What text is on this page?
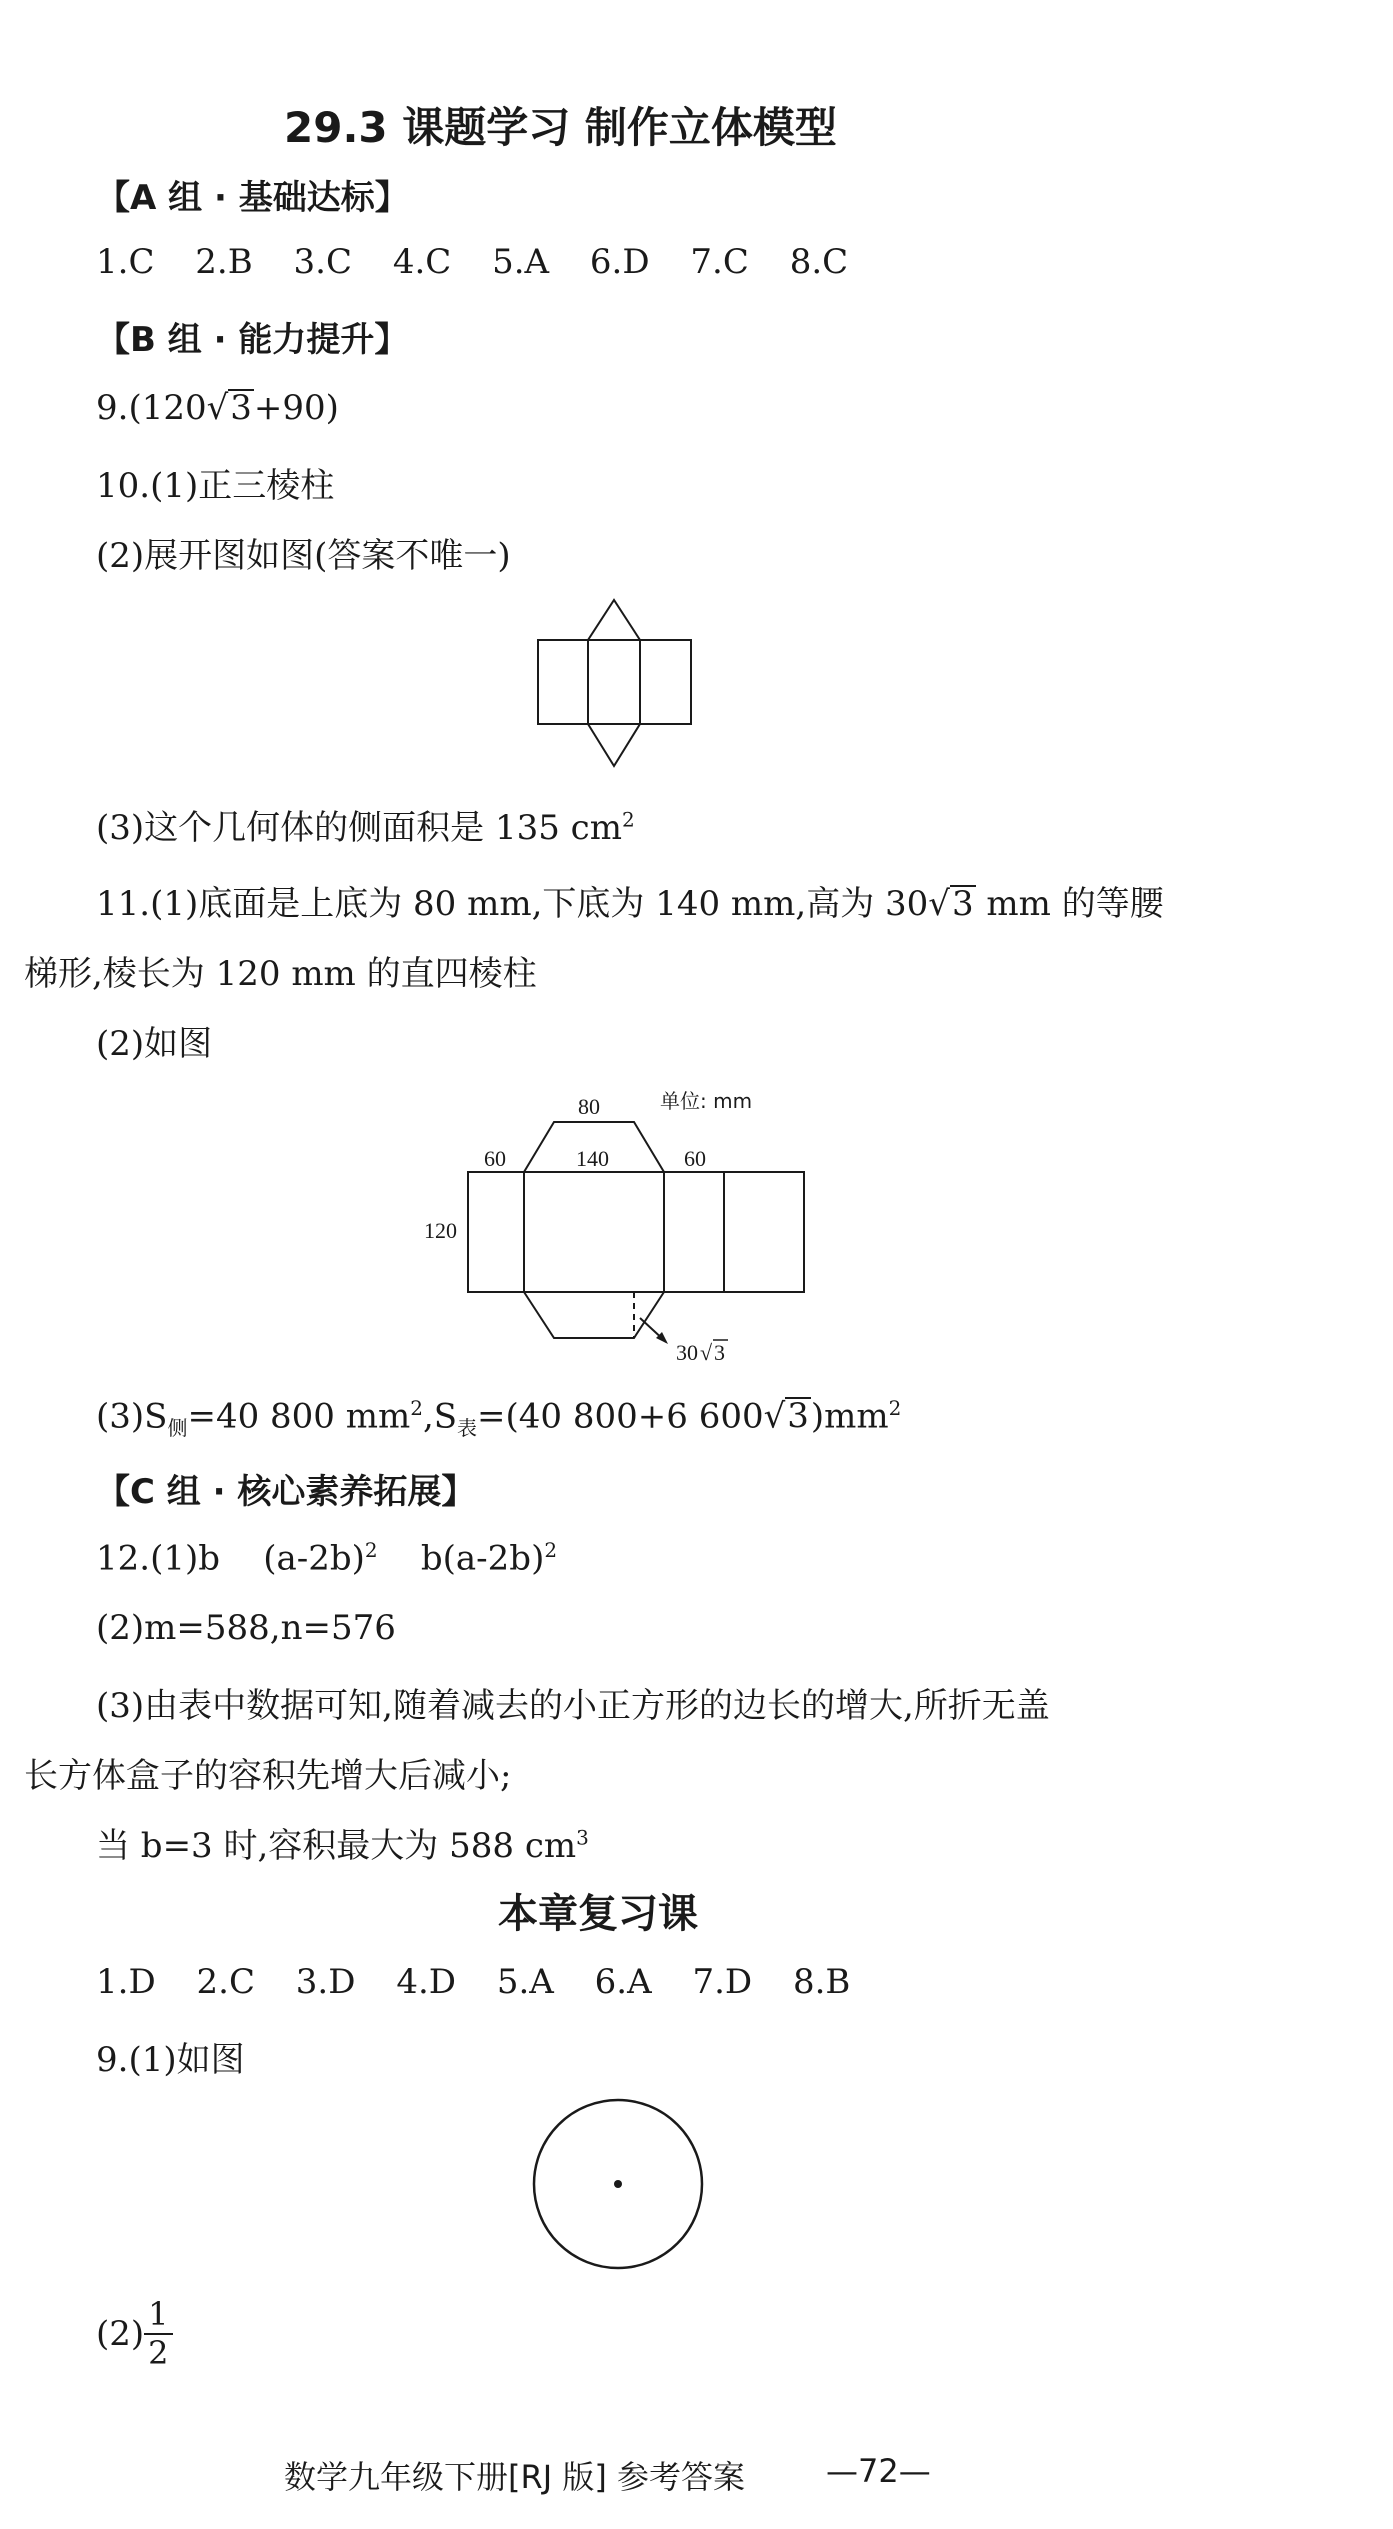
29.3 课题学习 制作立体模型
【A 组 · 基础达标】
1.C 2.B 3.C 4.C 5.A 6.D 7.C 8.C
【B 组 · 能力提升】
9.(120√3+90)
10.(1)正三棱柱
(2)展开图如图(答案不唯一)
(3)这个几何体的侧面积是 135 $cm^2$
11.(1)底面是上底为 80 mm,下底为 140 mm,高为 30√3 mm 的等腰
梯形,棱长为 120 mm 的直四棱柱
(2)如图
80
140
60	60
120
单位: mm
30 √ 3
$(3)S_侧=40$ 800 $mm^2,S_表=(40$ 800+6 $600√3)mm^2$
【C 组 · 核心素养拓展】
12.(1)b    $(a-2b)^2$    $b(a-2b)^2$
(2)m=588,n=576
(3)由表中数据可知,随着减去的小正方形的边长的增大,所折无盖
长方体盒子的容积先增大后减小;
当 b=3 时,容积最大为 588 $cm^3$
本章复习课
1.D 2.C 3.D 4.D 5.A 6.A 7.D 8.B
9.(1)如图
$(2) \frac{1}{2}$
数学九年级下册[RJ 版] 参考答案	—72—
